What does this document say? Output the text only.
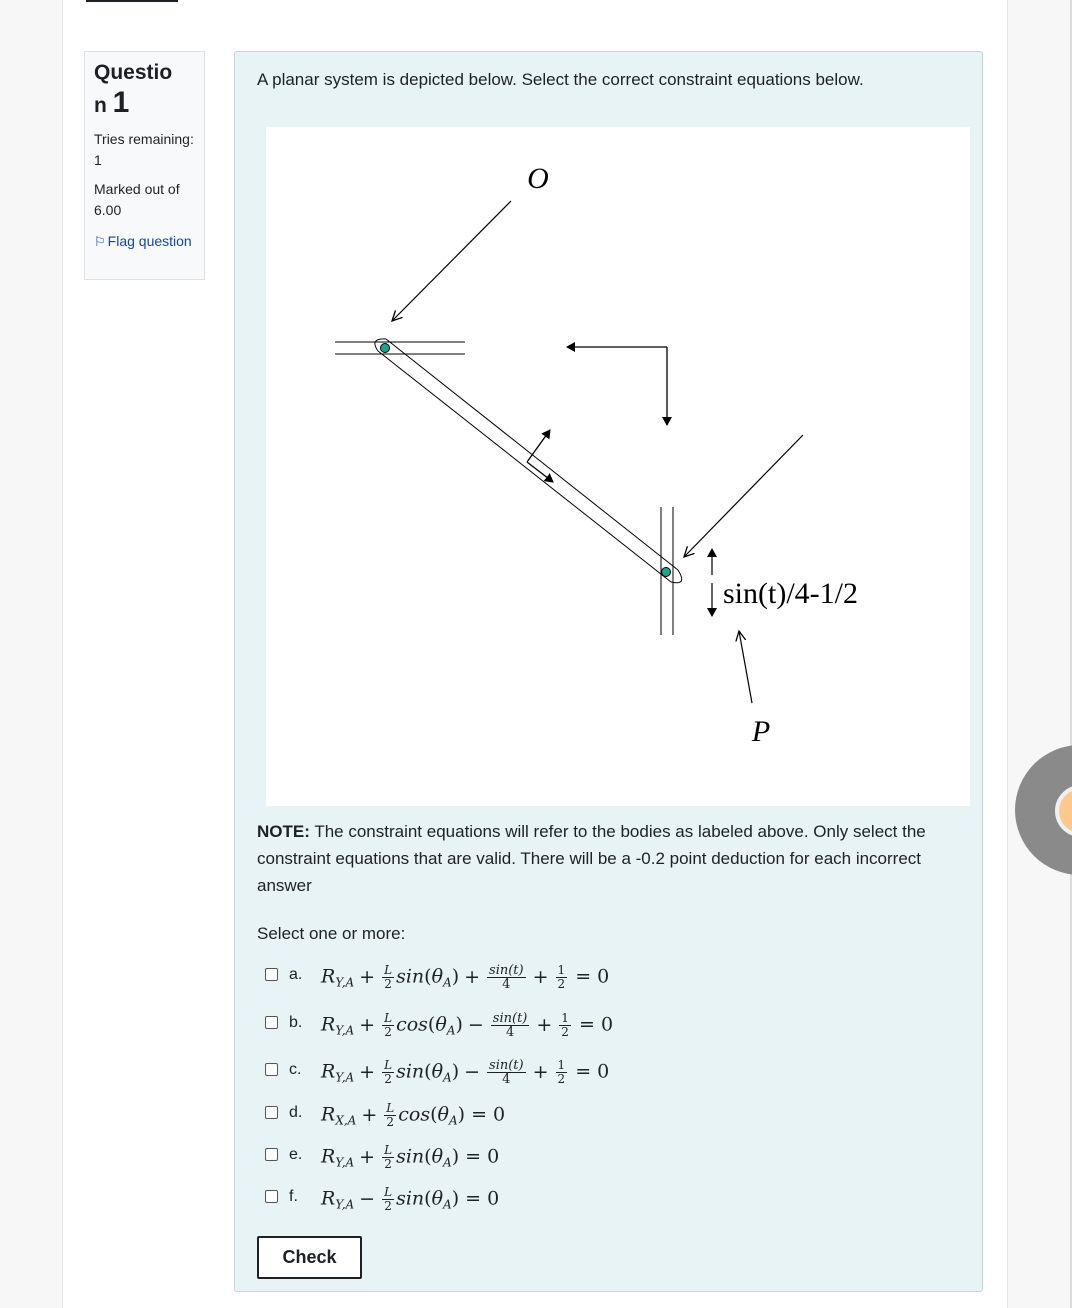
Questio
n 1
Tries remaining: 1
Marked out of 6.00
⚐ Flag question
A planar system is depicted below. Select the correct constraint equations below.
O
P
sin(t)/4-1/2
NOTE: The constraint equations will refer to the bodies as labeled above. Only select the constraint equations that are valid. There will be a -0.2 point deduction for each incorrect answer
Select one or more:
a. $R_{Y,A} + \frac{L}{2} \sin(\theta_A) + \frac{\sin(t)}{4} + \frac{1}{2} = 0$
b. $R_{Y,A} + \frac{L}{2} \cos(\theta_A) - \frac{\sin(t)}{4} + \frac{1}{2} = 0$
c. $R_{Y,A} + \frac{L}{2} \sin(\theta_A) - \frac{\sin(t)}{4} + \frac{1}{2} = 0$
d. $R_{X,A} + \frac{L}{2} \cos(\theta_A) = 0$
e. $R_{Y,A} + \frac{L}{2} \sin(\theta_A) = 0$
f. $R_{Y,A} - \frac{L}{2} \sin(\theta_A) = 0$
Check
